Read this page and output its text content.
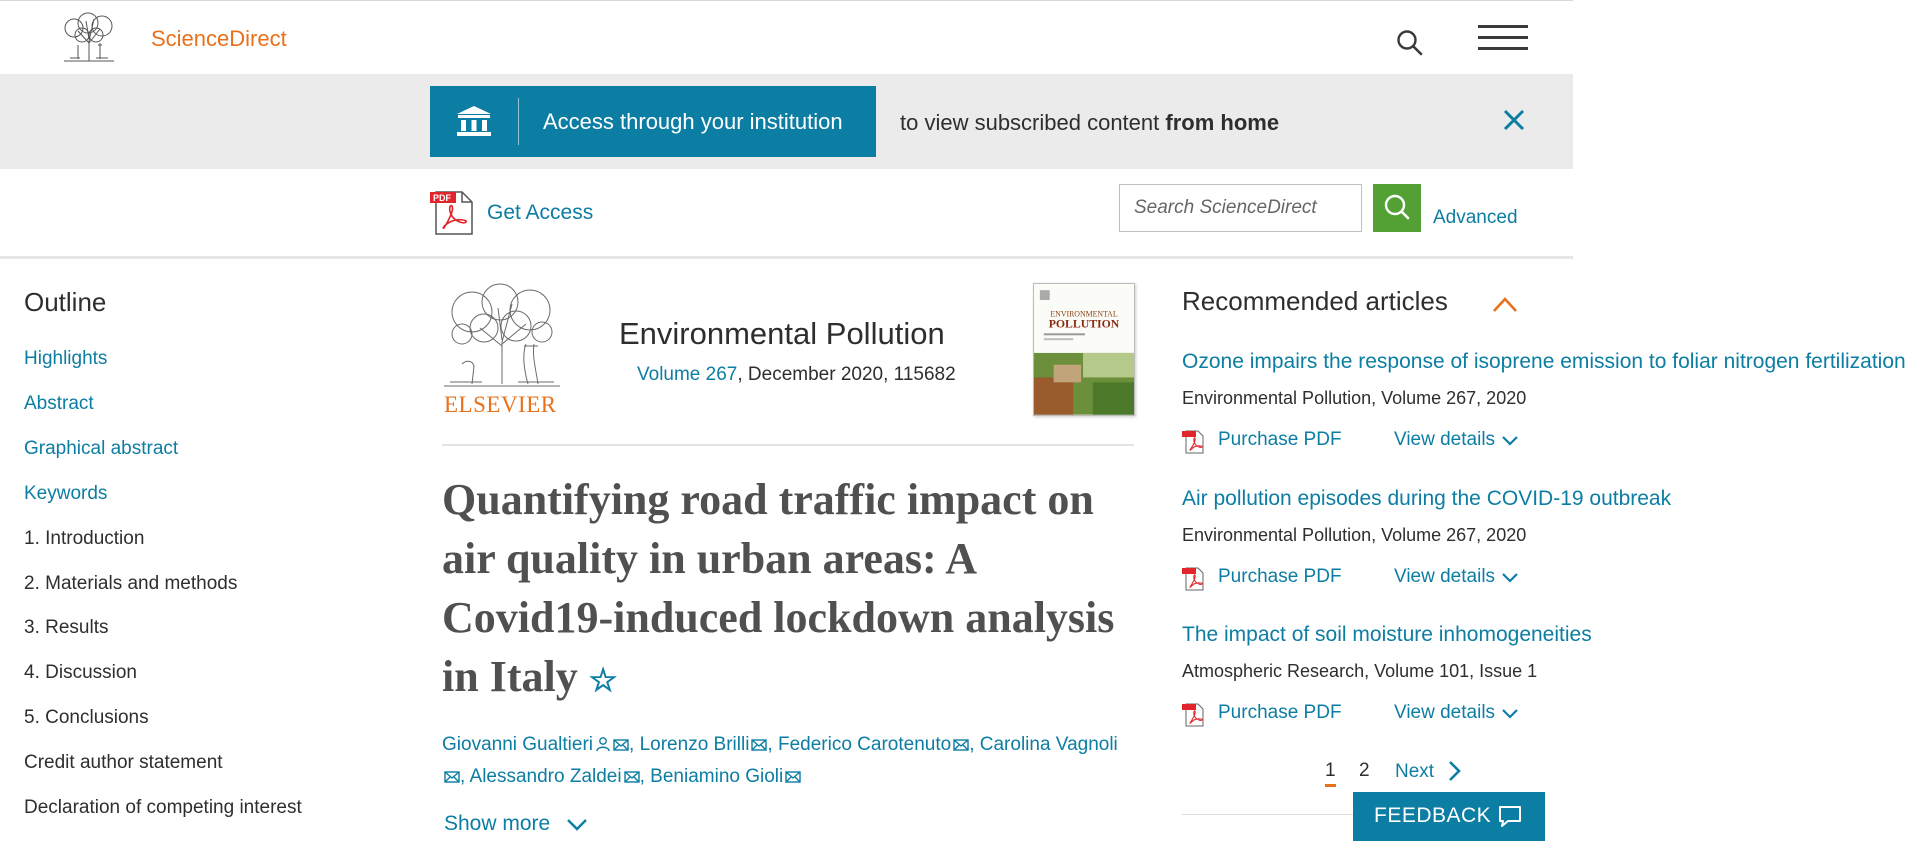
ScienceDirect
Access through your institution	to view subscribed content from home
PDF
Get Access
Search ScienceDirect	Advanced
Outline
Highlights
Abstract
Graphical abstract
Keywords
1. Introduction
2. Materials and methods
3. Results
4. Discussion
5. Conclusions
Credit author statement
Declaration of competing interest
ELSEVIER
Environmental Pollution
Volume 267, December 2020, 115682
ENVIRONMENTAL
POLLUTION
Quantifying road traffic impact on air quality in urban areas: A Covid19-induced lockdown analysis in Italy ☆
Giovanni Gualtieri , Lorenzo Brilli , Federico Carotenuto , Carolina Vagnoli, Alessandro Zaldei , Beniamino Gioli
Show more
Recommended articles
Ozone impairs the response of isoprene emission to foliar nitrogen fertilization
Environmental Pollution, Volume 267, 2020
Purchase PDF	View details
Air pollution episodes during the COVID-19 outbreak
Environmental Pollution, Volume 267, 2020
Purchase PDF	View details
The impact of soil moisture inhomogeneities
Atmospheric Research, Volume 101, Issue 1
Purchase PDF	View details
1 2 Next
FEEDBACK
